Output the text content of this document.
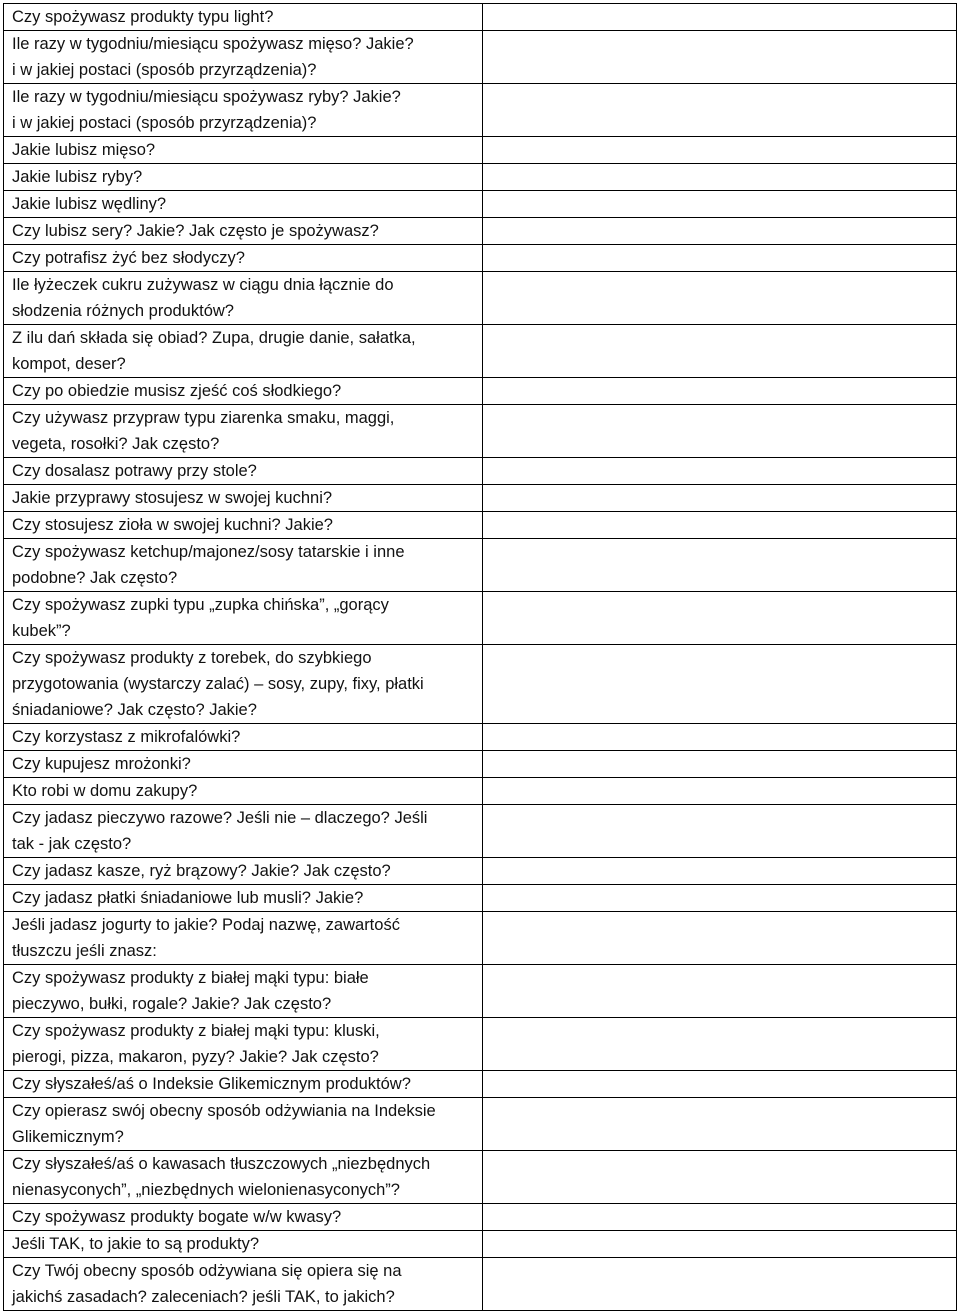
Czy spożywasz produkty typu light?	

Ile razy w tygodniu/miesiącu spożywasz mięso? Jakie?
i w jakiej postaci (sposób przyrządzenia)?	

Ile razy w tygodniu/miesiącu spożywasz ryby? Jakie?
i w jakiej postaci (sposób przyrządzenia)?	

Jakie lubisz mięso?	

Jakie lubisz ryby?	

Jakie lubisz wędliny?	

Czy lubisz sery? Jakie? Jak często je spożywasz?	

Czy potrafisz żyć bez słodyczy?	

Ile łyżeczek cukru zużywasz w ciągu dnia łącznie do
słodzenia różnych produktów?	

Z ilu dań składa się obiad? Zupa, drugie danie, sałatka,
kompot, deser?	

Czy po obiedzie musisz zjeść coś słodkiego?	

Czy używasz przypraw typu ziarenka smaku, maggi,
vegeta, rosołki? Jak często?	

Czy dosalasz potrawy przy stole?	

Jakie przyprawy stosujesz w swojej kuchni?	

Czy stosujesz zioła w swojej kuchni? Jakie?	

Czy spożywasz ketchup/majonez/sosy tatarskie i inne
podobne? Jak często?	

Czy spożywasz zupki typu „zupka chińska”, „gorący
kubek”?	

Czy spożywasz produkty z torebek, do szybkiego
przygotowania (wystarczy zalać) – sosy, zupy, fixy, płatki
śniadaniowe? Jak często? Jakie?	

Czy korzystasz z mikrofalówki?	

Czy kupujesz mrożonki?	

Kto robi w domu zakupy?	

Czy jadasz pieczywo razowe? Jeśli nie – dlaczego? Jeśli
tak - jak często?	

Czy jadasz kasze, ryż brązowy? Jakie? Jak często?	

Czy jadasz płatki śniadaniowe lub musli? Jakie?	

Jeśli jadasz jogurty to jakie? Podaj nazwę, zawartość
tłuszczu jeśli znasz:	

Czy spożywasz produkty z białej mąki typu: białe
pieczywo, bułki, rogale? Jakie? Jak często?	

Czy spożywasz produkty z białej mąki typu: kluski,
pierogi, pizza, makaron, pyzy? Jakie? Jak często?	

Czy słyszałeś/aś o Indeksie Glikemicznym produktów?	

Czy opierasz swój obecny sposób odżywiania na Indeksie
Glikemicznym?	

Czy słyszałeś/aś o kawasach tłuszczowych „niezbędnych
nienasyconych”, „niezbędnych wielonienasyconych”?	

Czy spożywasz produkty bogate w/w kwasy?	

Jeśli TAK, to jakie to są produkty?	

Czy Twój obecny sposób odżywiana się opiera się na
jakichś zasadach? zaleceniach? jeśli TAK, to jakich?	
